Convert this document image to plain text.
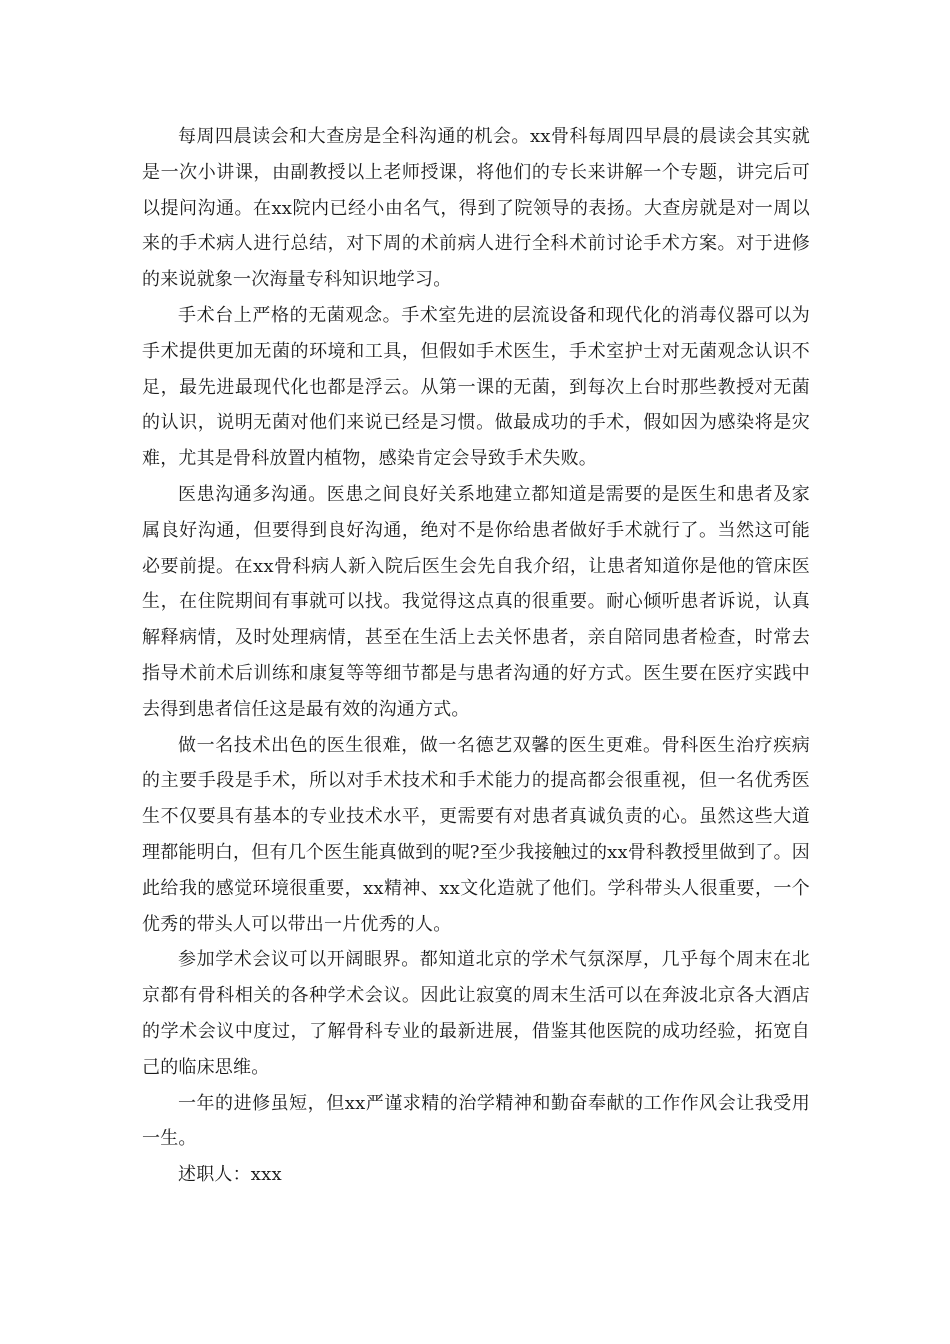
每周四晨读会和大查房是全科沟通的机会。xx骨科每周四早晨的晨读会其实就是一次小讲课，由副教授以上老师授课，将他们的专长来讲解一个专题，讲完后可以提问沟通。在xx院内已经小由名气，得到了院领导的表扬。大查房就是对一周以来的手术病人进行总结，对下周的术前病人进行全科术前讨论手术方案。对于进修的来说就象一次海量专科知识地学习。

手术台上严格的无菌观念。手术室先进的层流设备和现代化的消毒仪器可以为手术提供更加无菌的环境和工具，但假如手术医生，手术室护士对无菌观念认识不足，最先进最现代化也都是浮云。从第一课的无菌，到每次上台时那些教授对无菌的认识，说明无菌对他们来说已经是习惯。做最成功的手术，假如因为感染将是灾难，尤其是骨科放置内植物，感染肯定会导致手术失败。

医患沟通多沟通。医患之间良好关系地建立都知道是需要的是医生和患者及家属良好沟通，但要得到良好沟通，绝对不是你给患者做好手术就行了。当然这可能必要前提。在xx骨科病人新入院后医生会先自我介绍，让患者知道你是他的管床医生，在住院期间有事就可以找。我觉得这点真的很重要。耐心倾听患者诉说，认真解释病情，及时处理病情，甚至在生活上去关怀患者，亲自陪同患者检查，时常去指导术前术后训练和康复等等细节都是与患者沟通的好方式。医生要在医疗实践中去得到患者信任这是最有效的沟通方式。

做一名技术出色的医生很难，做一名德艺双馨的医生更难。骨科医生治疗疾病的主要手段是手术，所以对手术技术和手术能力的提高都会很重视，但一名优秀医生不仅要具有基本的专业技术水平，更需要有对患者真诚负责的心。虽然这些大道理都能明白，但有几个医生能真做到的呢?至少我接触过的xx骨科教授里做到了。因此给我的感觉环境很重要，xx精神、xx文化造就了他们。学科带头人很重要，一个优秀的带头人可以带出一片优秀的人。

参加学术会议可以开阔眼界。都知道北京的学术气氛深厚，几乎每个周末在北京都有骨科相关的各种学术会议。因此让寂寞的周末生活可以在奔波北京各大酒店的学术会议中度过，了解骨科专业的最新进展，借鉴其他医院的成功经验，拓宽自己的临床思维。

一年的进修虽短，但xx严谨求精的治学精神和勤奋奉献的工作作风会让我受用一生。

述职人：xxx
